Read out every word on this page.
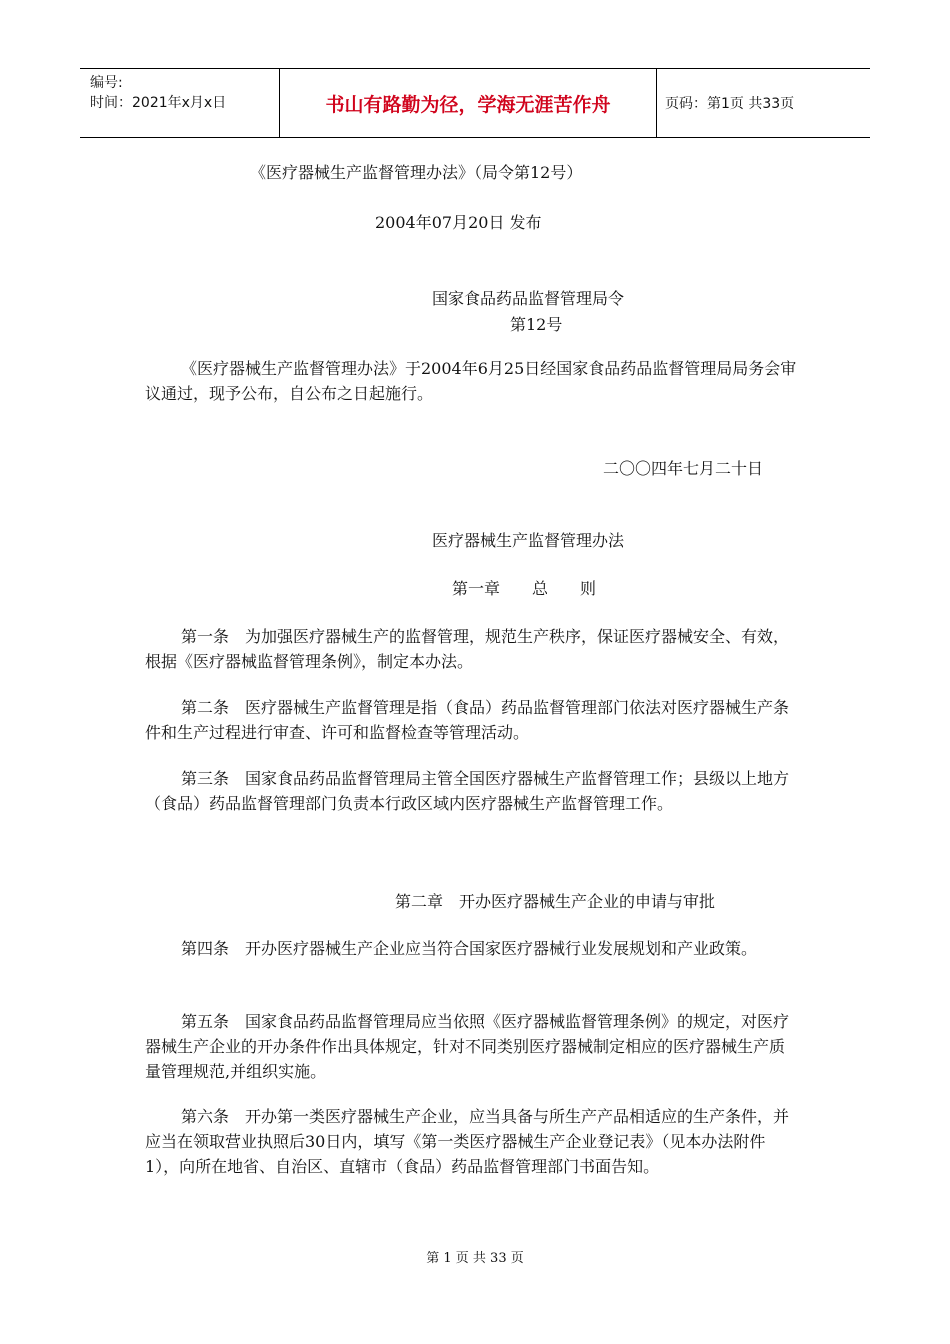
编号:
时间：2021年x月x日	书山有路勤为径，学海无涯苦作舟	页码：第1页 共33页
《医疗器械生产监督管理办法》（局令第12号）
2004年07月20日 发布
国家食品药品监督管理局令
第12号
《医疗器械生产监督管理办法》于2004年6月25日经国家食品药品监督管理局局务会审议通过，现予公布，自公布之日起施行。
二〇〇四年七月二十日
医疗器械生产监督管理办法
第一章　　总　　则
第一条　为加强医疗器械生产的监督管理，规范生产秩序，保证医疗器械安全、有效，根据《医疗器械监督管理条例》，制定本办法。
第二条　医疗器械生产监督管理是指（食品）药品监督管理部门依法对医疗器械生产条件和生产过程进行审查、许可和监督检查等管理活动。
第三条　国家食品药品监督管理局主管全国医疗器械生产监督管理工作；县级以上地方（食品）药品监督管理部门负责本行政区域内医疗器械生产监督管理工作。
第二章　开办医疗器械生产企业的申请与审批
第四条　开办医疗器械生产企业应当符合国家医疗器械行业发展规划和产业政策。
第五条　国家食品药品监督管理局应当依照《医疗器械监督管理条例》的规定，对医疗器械生产企业的开办条件作出具体规定，针对不同类别医疗器械制定相应的医疗器械生产质量管理规范,并组织实施。
第六条　开办第一类医疗器械生产企业，应当具备与所生产产品相适应的生产条件，并应当在领取营业执照后30日内，填写《第一类医疗器械生产企业登记表》（见本办法附件1），向所在地省、自治区、直辖市（食品）药品监督管理部门书面告知。
第 1 页 共 33 页
